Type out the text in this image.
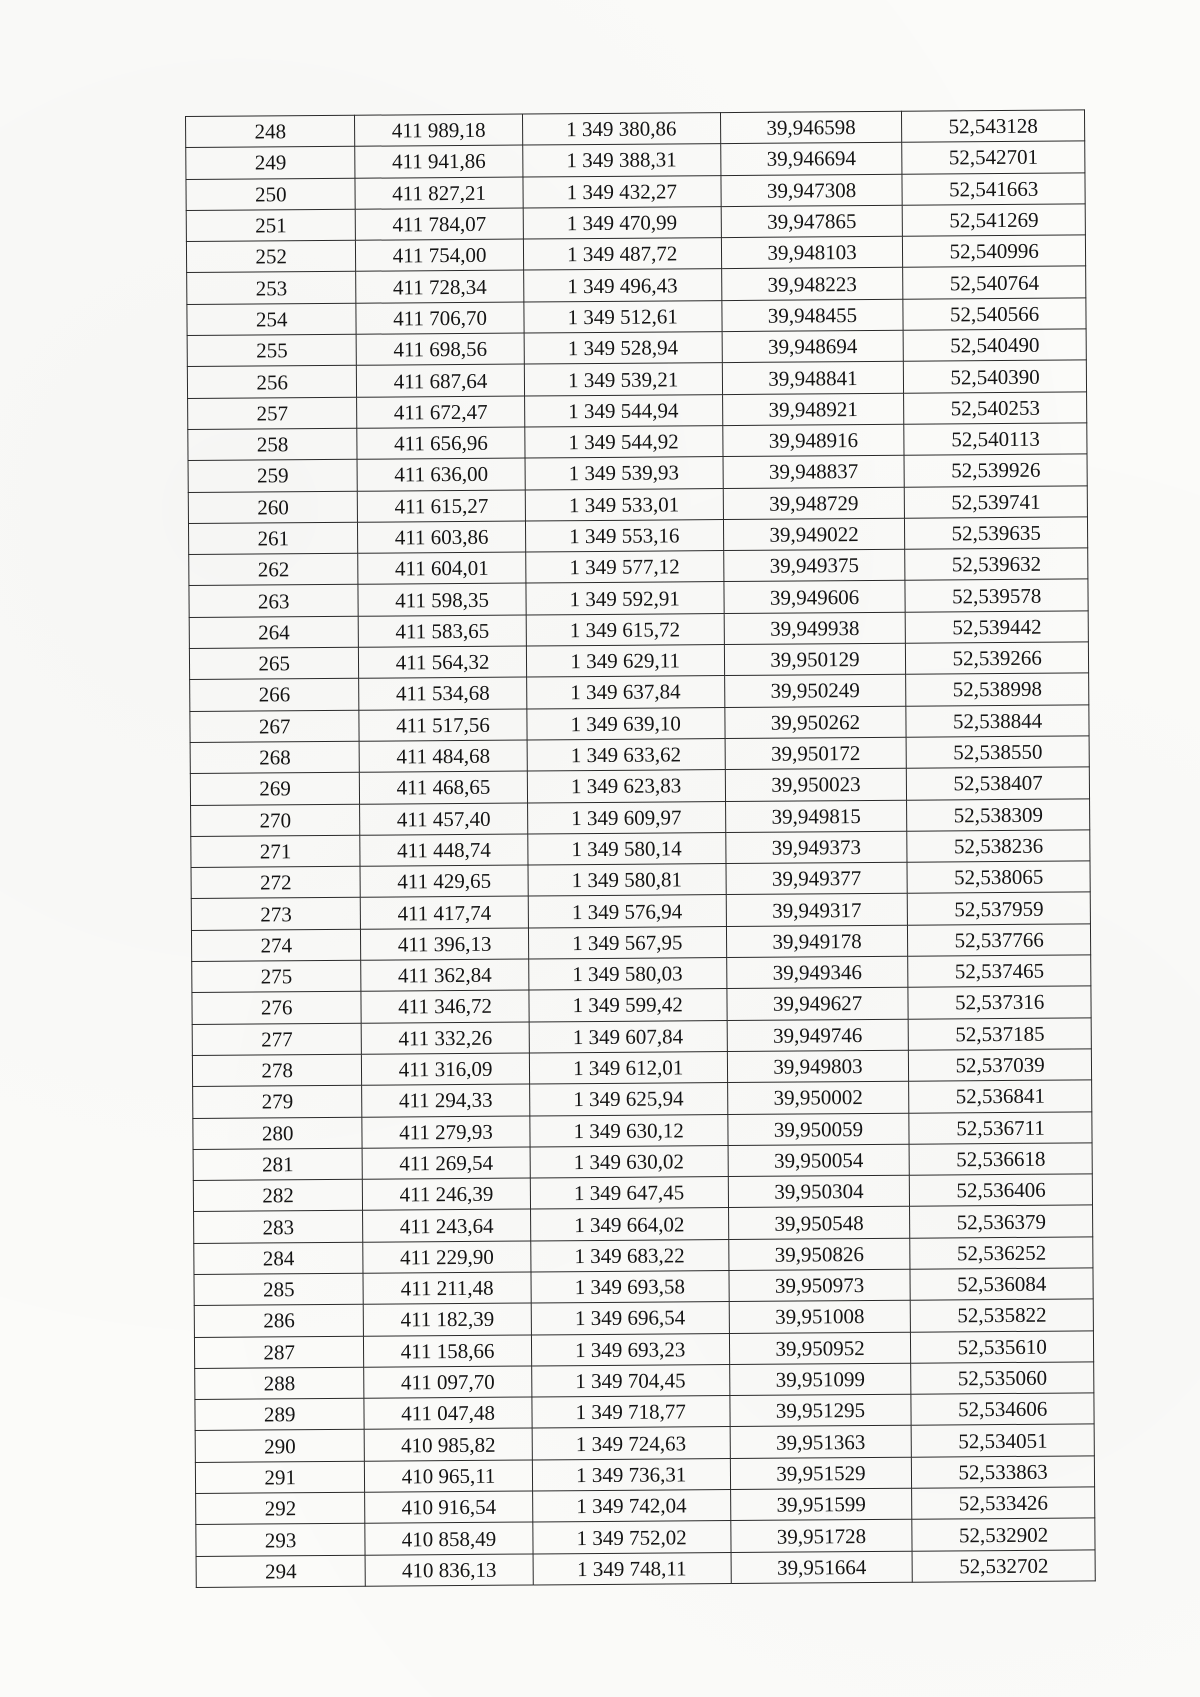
248	411 989,18	1 349 380,86	39,946598	52,543128
249	411 941,86	1 349 388,31	39,946694	52,542701
250	411 827,21	1 349 432,27	39,947308	52,541663
251	411 784,07	1 349 470,99	39,947865	52,541269
252	411 754,00	1 349 487,72	39,948103	52,540996
253	411 728,34	1 349 496,43	39,948223	52,540764
254	411 706,70	1 349 512,61	39,948455	52,540566
255	411 698,56	1 349 528,94	39,948694	52,540490
256	411 687,64	1 349 539,21	39,948841	52,540390
257	411 672,47	1 349 544,94	39,948921	52,540253
258	411 656,96	1 349 544,92	39,948916	52,540113
259	411 636,00	1 349 539,93	39,948837	52,539926
260	411 615,27	1 349 533,01	39,948729	52,539741
261	411 603,86	1 349 553,16	39,949022	52,539635
262	411 604,01	1 349 577,12	39,949375	52,539632
263	411 598,35	1 349 592,91	39,949606	52,539578
264	411 583,65	1 349 615,72	39,949938	52,539442
265	411 564,32	1 349 629,11	39,950129	52,539266
266	411 534,68	1 349 637,84	39,950249	52,538998
267	411 517,56	1 349 639,10	39,950262	52,538844
268	411 484,68	1 349 633,62	39,950172	52,538550
269	411 468,65	1 349 623,83	39,950023	52,538407
270	411 457,40	1 349 609,97	39,949815	52,538309
271	411 448,74	1 349 580,14	39,949373	52,538236
272	411 429,65	1 349 580,81	39,949377	52,538065
273	411 417,74	1 349 576,94	39,949317	52,537959
274	411 396,13	1 349 567,95	39,949178	52,537766
275	411 362,84	1 349 580,03	39,949346	52,537465
276	411 346,72	1 349 599,42	39,949627	52,537316
277	411 332,26	1 349 607,84	39,949746	52,537185
278	411 316,09	1 349 612,01	39,949803	52,537039
279	411 294,33	1 349 625,94	39,950002	52,536841
280	411 279,93	1 349 630,12	39,950059	52,536711
281	411 269,54	1 349 630,02	39,950054	52,536618
282	411 246,39	1 349 647,45	39,950304	52,536406
283	411 243,64	1 349 664,02	39,950548	52,536379
284	411 229,90	1 349 683,22	39,950826	52,536252
285	411 211,48	1 349 693,58	39,950973	52,536084
286	411 182,39	1 349 696,54	39,951008	52,535822
287	411 158,66	1 349 693,23	39,950952	52,535610
288	411 097,70	1 349 704,45	39,951099	52,535060
289	411 047,48	1 349 718,77	39,951295	52,534606
290	410 985,82	1 349 724,63	39,951363	52,534051
291	410 965,11	1 349 736,31	39,951529	52,533863
292	410 916,54	1 349 742,04	39,951599	52,533426
293	410 858,49	1 349 752,02	39,951728	52,532902
294	410 836,13	1 349 748,11	39,951664	52,532702
